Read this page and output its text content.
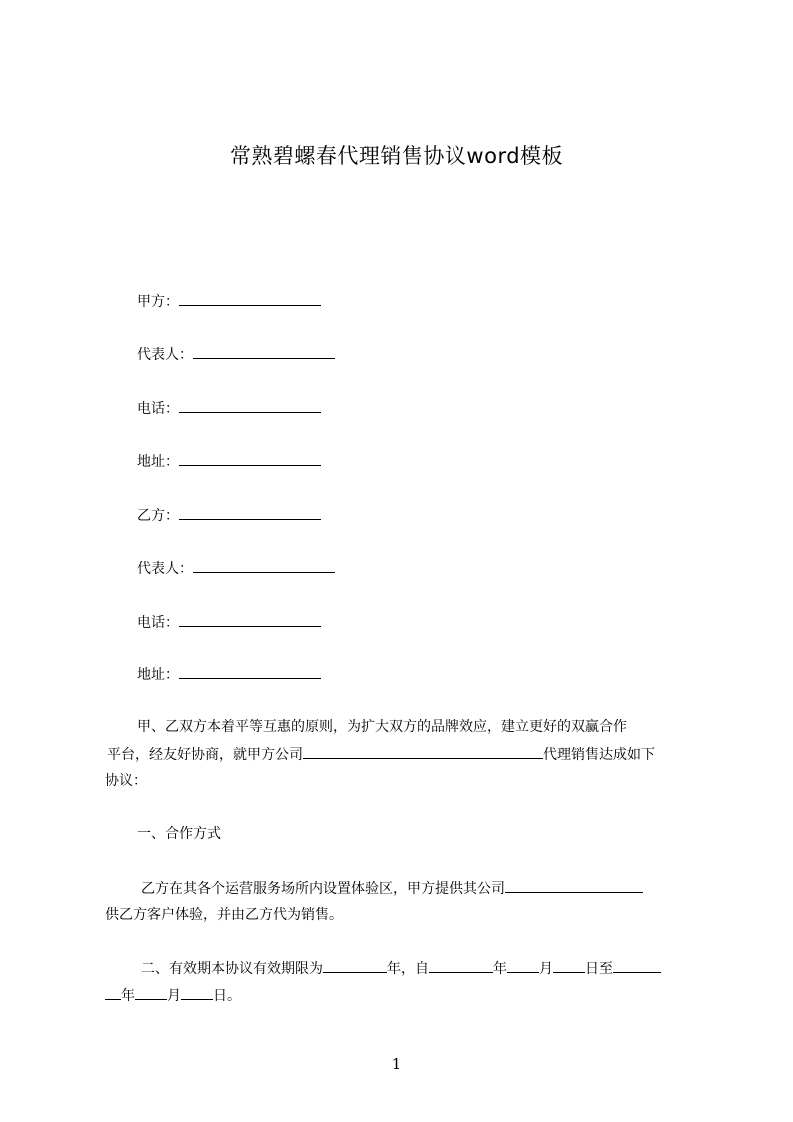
常熟碧螺春代理销售协议word模板
甲方：
代表人：
电话：
地址：
乙方：
代表人：
电话：
地址：
甲、乙双方本着平等互惠的原则，为扩大双方的品牌效应，建立更好的双赢合作
平台，经友好协商，就甲方公司	代理销售达成如下
协议：
一、合作方式
乙方在其各个运营服务场所内设置体验区，甲方提供其公司
供乙方客户体验，并由乙方代为销售。
二、有效期本协议有效期限为	年，自	年 月 日至
年 月 日。
1
